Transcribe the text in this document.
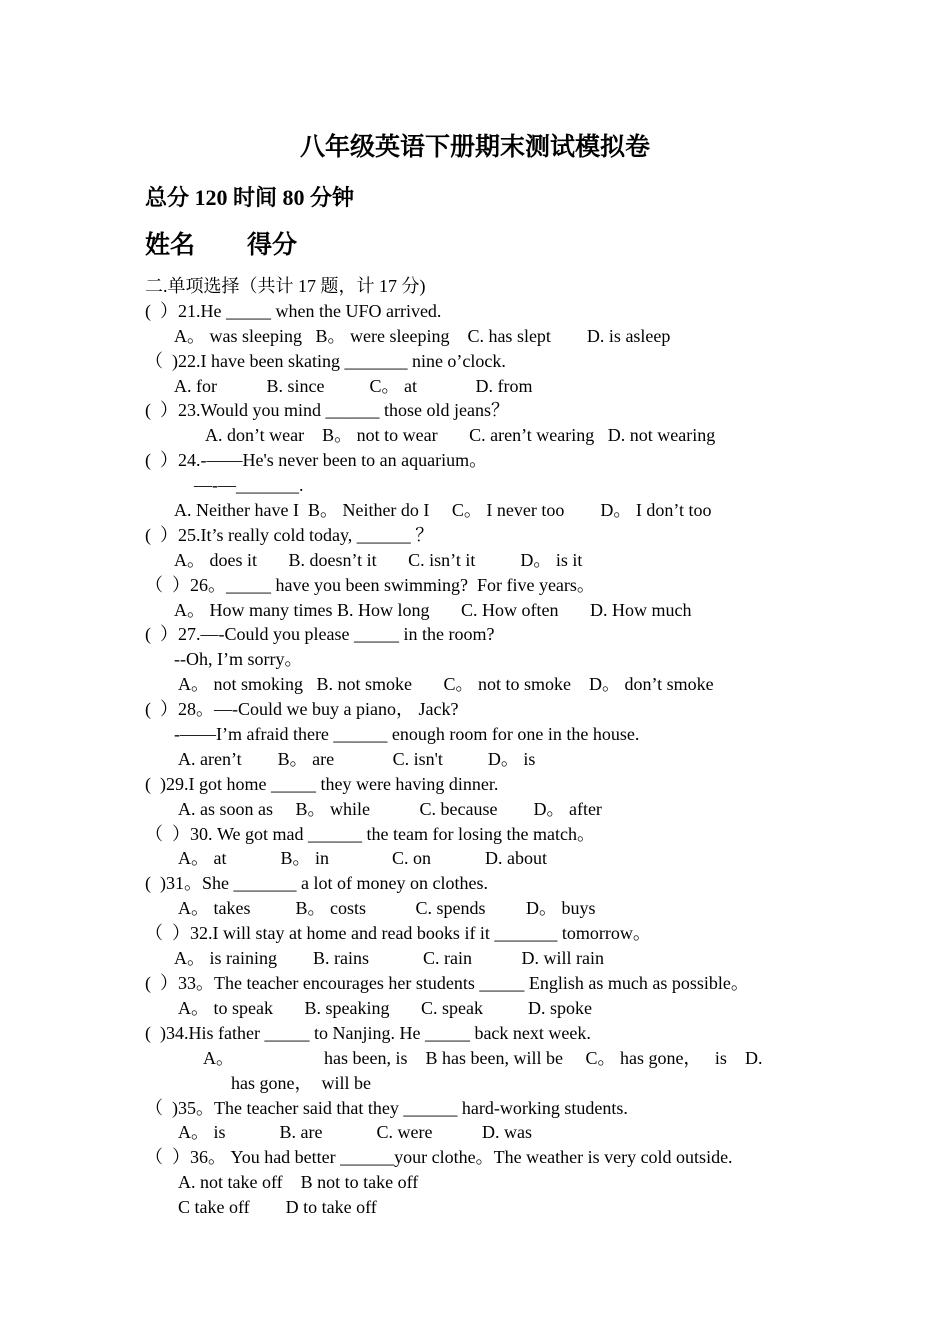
八年级英语下册期末测试模拟卷
总分 120 时间 80 分钟
姓名 得分
二.单项选择（共计 17 题，计 17 分)
(  ）21.He _____ when the UFO arrived.
A。 was sleeping   B。 were sleeping    C. has slept        D. is asleep
（  )22.I have been skating _______ nine o’clock.
A. for           B. since          C。 at             D. from
(  ）23.Would you mind ______ those old jeans？
A. don’t wear    B。 not to wear       C. aren’t wearing   D. not wearing
(  ）24.-——He's never been to an aquarium。
—-—_______.
A. Neither have I  B。 Neither do I     C。 I never too        D。 I don’t too
(  ）25.It’s really cold today, ______ ？
A。 does it       B. doesn’t it       C. isn’t it          D。 is it
（  ）26。_____ have you been swimming?  For five years。
A。 How many times B. How long       C. How often       D. How much
(  ）27.—-Could you please _____ in the room?
--Oh, I’m sorry。
A。 not smoking   B. not smoke       C。 not to smoke    D。 don’t smoke
(  ）28。—-Could we buy a piano， Jack?
-——I’m afraid there ______ enough room for one in the house.
A. aren’t        B。 are             C. isn't          D。 is
(  )29.I got home _____ they were having dinner.
A. as soon as     B。 while           C. because        D。 after
（  ）30. We got mad ______ the team for losing the match。
A。 at            B。 in              C. on            D. about
(  )31。She _______ a lot of money on clothes.
A。 takes          B。 costs           C. spends         D。 buys
（  ）32.I will stay at home and read books if it _______ tomorrow。
A。 is raining        B. rains            C. rain           D. will rain
(  ）33。The teacher encourages her students _____ English as much as possible。
A。 to speak       B. speaking       C. speak          D. spoke
(  )34.His father _____ to Nanjing. He _____ back next week.
A。                    has been, is    B has been, will be     C。 has gone，   is    D.
has gone，  will be
（  )35。The teacher said that they ______ hard-working students.
A。 is            B. are            C. were           D. was
（  ）36。 You had better ______your clothe。The weather is very cold outside.
A. not take off    B not to take off
C take off        D to take off
